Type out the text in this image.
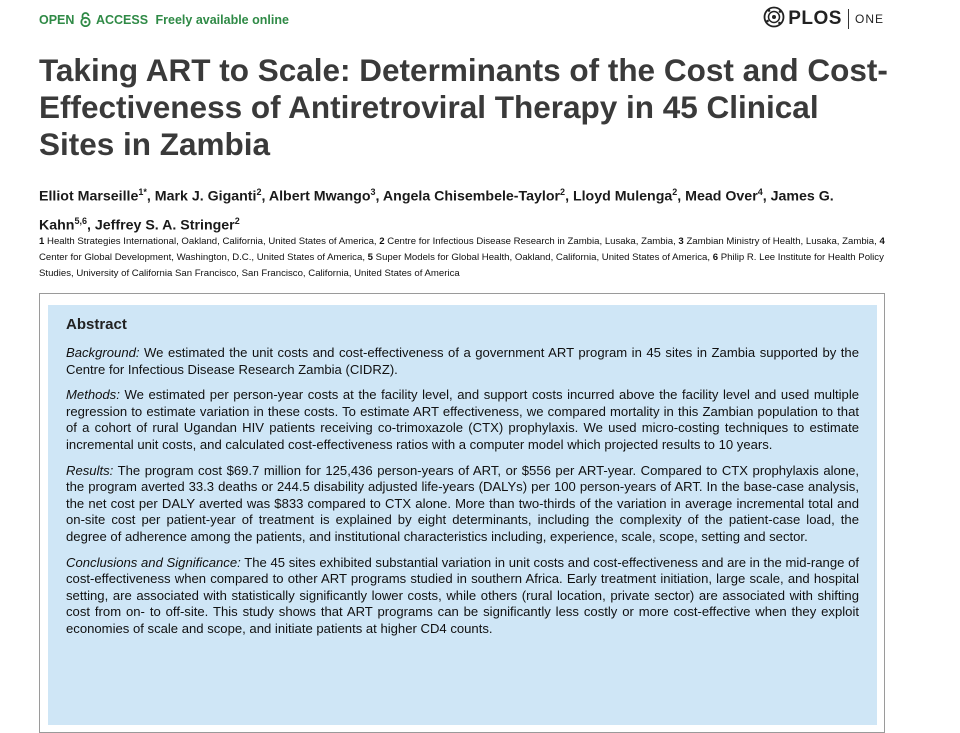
OPEN ACCESS Freely available online	PLOS ONE
Taking ART to Scale: Determinants of the Cost and Cost-Effectiveness of Antiretroviral Therapy in 45 Clinical Sites in Zambia
Elliot Marseille$^{1*}$, Mark J. Giganti$^2$, Albert Mwango$^3$, Angela Chisembele-Taylor$^2$, Lloyd Mulenga$^2$, Mead Over$^4$, James G. Kahn$^{5,6}$, Jeffrey S. A. Stringer$^2$
1 Health Strategies International, Oakland, California, United States of America, 2 Centre for Infectious Disease Research in Zambia, Lusaka, Zambia, 3 Zambian Ministry of Health, Lusaka, Zambia, 4 Center for Global Development, Washington, D.C., United States of America, 5 Super Models for Global Health, Oakland, California, United States of America, 6 Philip R. Lee Institute for Health Policy Studies, University of California San Francisco, San Francisco, California, United States of America
Abstract

Background: We estimated the unit costs and cost-effectiveness of a government ART program in 45 sites in Zambia supported by the Centre for Infectious Disease Research Zambia (CIDRZ).

Methods: We estimated per person-year costs at the facility level, and support costs incurred above the facility level and used multiple regression to estimate variation in these costs. To estimate ART effectiveness, we compared mortality in this Zambian population to that of a cohort of rural Ugandan HIV patients receiving co-trimoxazole (CTX) prophylaxis. We used micro-costing techniques to estimate incremental unit costs, and calculated cost-effectiveness ratios with a computer model which projected results to 10 years.

Results: The program cost $69.7 million for 125,436 person-years of ART, or $556 per ART-year. Compared to CTX prophylaxis alone, the program averted 33.3 deaths or 244.5 disability adjusted life-years (DALYs) per 100 person-years of ART. In the base-case analysis, the net cost per DALY averted was $833 compared to CTX alone. More than two-thirds of the variation in average incremental total and on-site cost per patient-year of treatment is explained by eight determinants, including the complexity of the patient-case load, the degree of adherence among the patients, and institutional characteristics including, experience, scale, scope, setting and sector.

Conclusions and Significance: The 45 sites exhibited substantial variation in unit costs and cost-effectiveness and are in the mid-range of cost-effectiveness when compared to other ART programs studied in southern Africa. Early treatment initiation, large scale, and hospital setting, are associated with statistically significantly lower costs, while others (rural location, private sector) are associated with shifting cost from on- to off-site. This study shows that ART programs can be significantly less costly or more cost-effective when they exploit economies of scale and scope, and initiate patients at higher CD4 counts.
